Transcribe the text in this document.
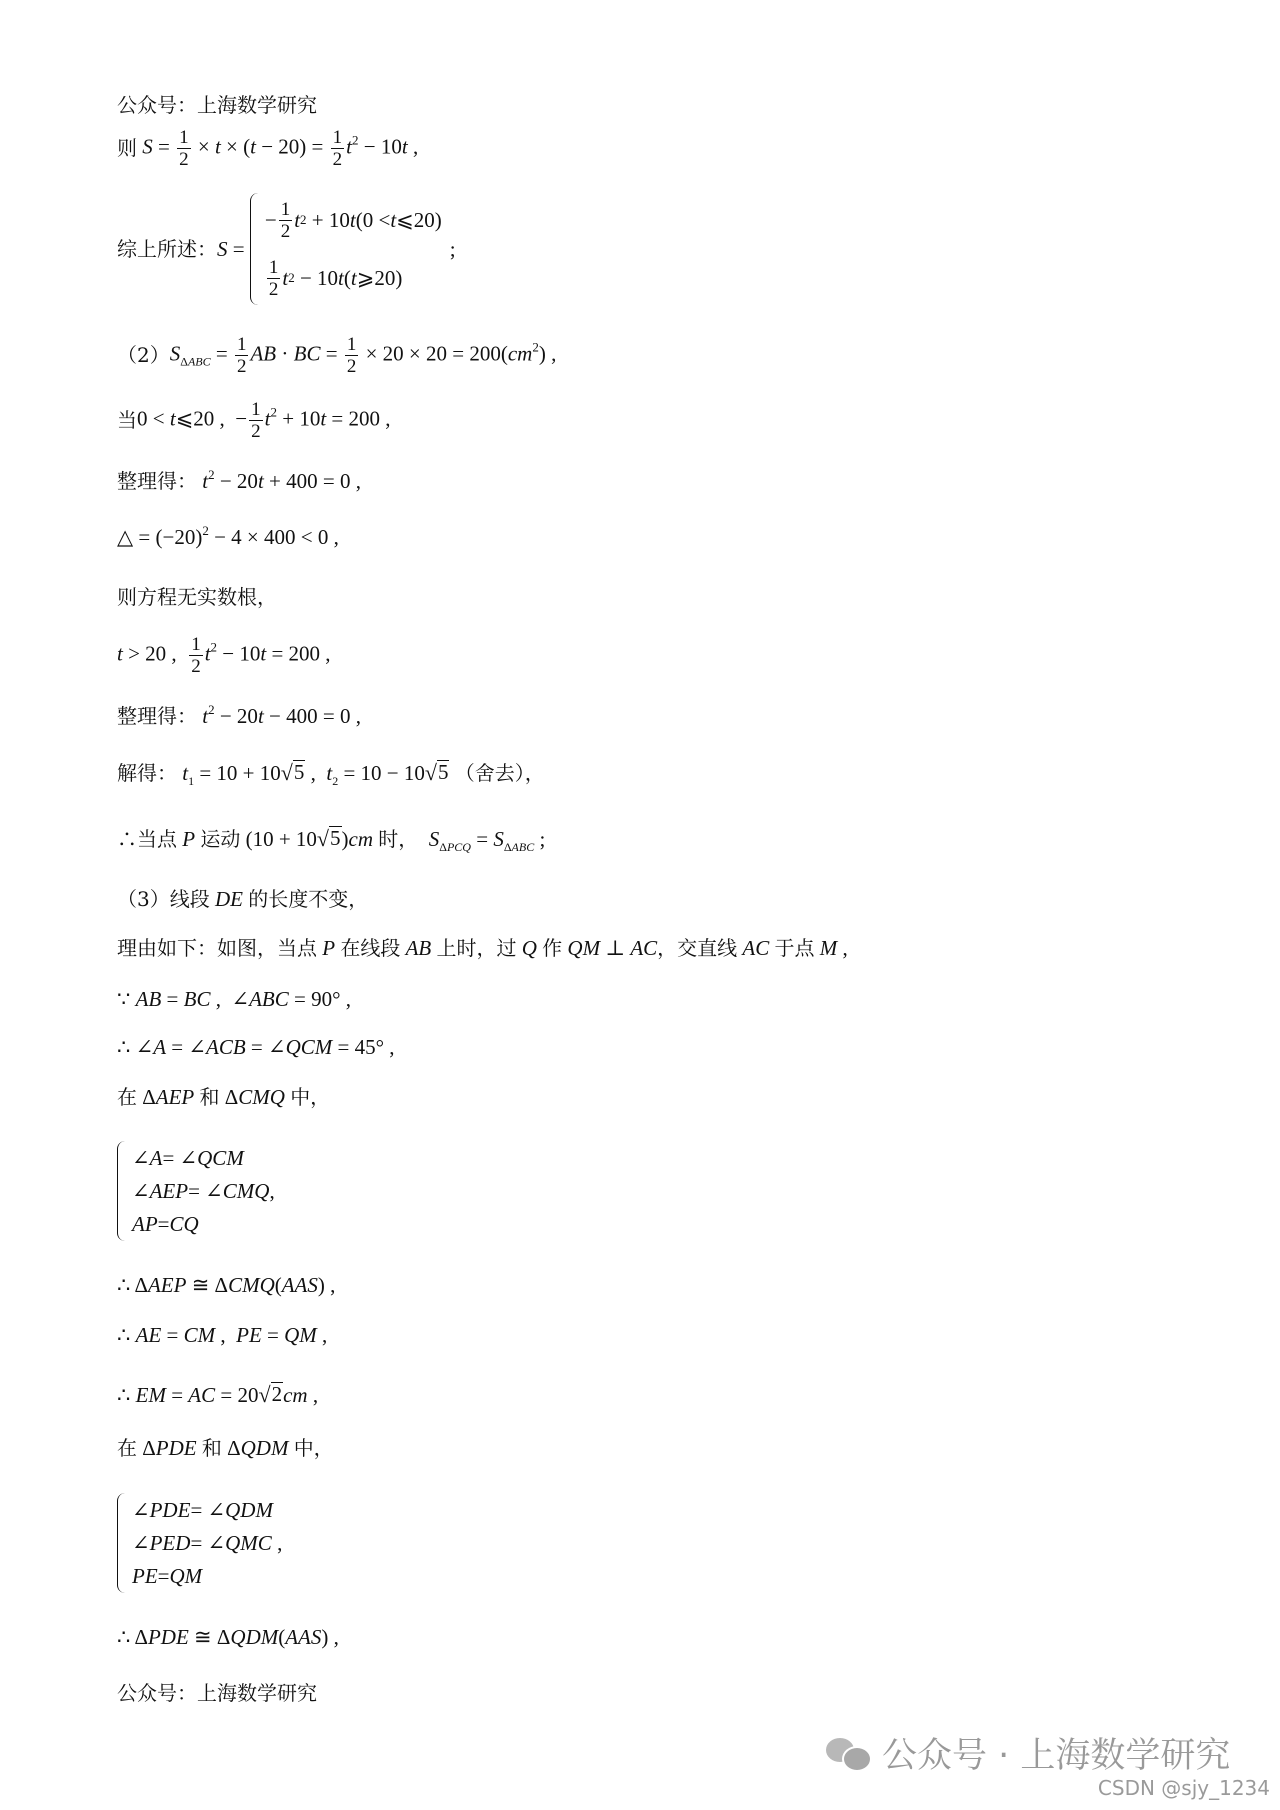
公众号：上海数学研究
则 $S = \frac{1}{2} \times t \times (t - 20) = \frac{1}{2} t^2 - 10t$ ,
综上所述： S =
− $\frac{1}{2}$ t 2 + 10 t (0 < t ⩽20)
$\frac{1}{2}$ t 2 − 10 t ( t ⩾20)
;
（2） $S_{\Delta ABC} = \frac{1}{2}$ AB · BC = $\frac{1}{2} \times 20 \times 20 = 200(cm^2)$ ,
当 0 < t⩽20 ,  − $\frac{1}{2} t^2 + 10t = 200$ ,
整理得： $t^2 - 20t + 400 = 0$ ,
△ = $(-20)^2 - 4 \times 400 < 0$ ,
则方程无实数根，
t > 20 , $\frac{1}{2} t^2 - 10t = 200$ ,
整理得： $t^2 - 20t - 400 = 0$ ,
解得： $t_1 = 10 + 10$ √ 5 ,  $t_2 = 10 - 10$ √ 5
（舍去），
∴当点 P 运动 (10 + 10 √ 5 )cm 时， $S_{\Delta PCQ} = S_{\Delta ABC}$ ;
（3）线段 DE 的长度不变，
理由如下：如图，当点 P 在线段 AB 上时，过 Q 作 QM ⊥ AC ，交直线 AC 于点 M ,
∵ AB = BC ,  ∠ABC = 90° ,
∴ ∠A = ∠ACB = ∠QCM = 45° ,
在 ΔAEP 和 ΔCMQ 中，
∠ A = ∠ QCM
∠ AEP = ∠ CMQ ,
AP = CQ
∴ ΔAEP ≅ ΔCMQ(AAS) ,
∴ AE = CM ,  PE = QM ,
∴ EM = AC = 20 √ 2 cm ,
在 ΔPDE 和 ΔQDM 中，
∠ PDE = ∠ QDM
∠ PED = ∠ QMC ,
PE = QM
∴ ΔPDE ≅ ΔQDM(AAS) ,
公众号：上海数学研究
公众号 · 上海数学研究
CSDN @sjy_1234
